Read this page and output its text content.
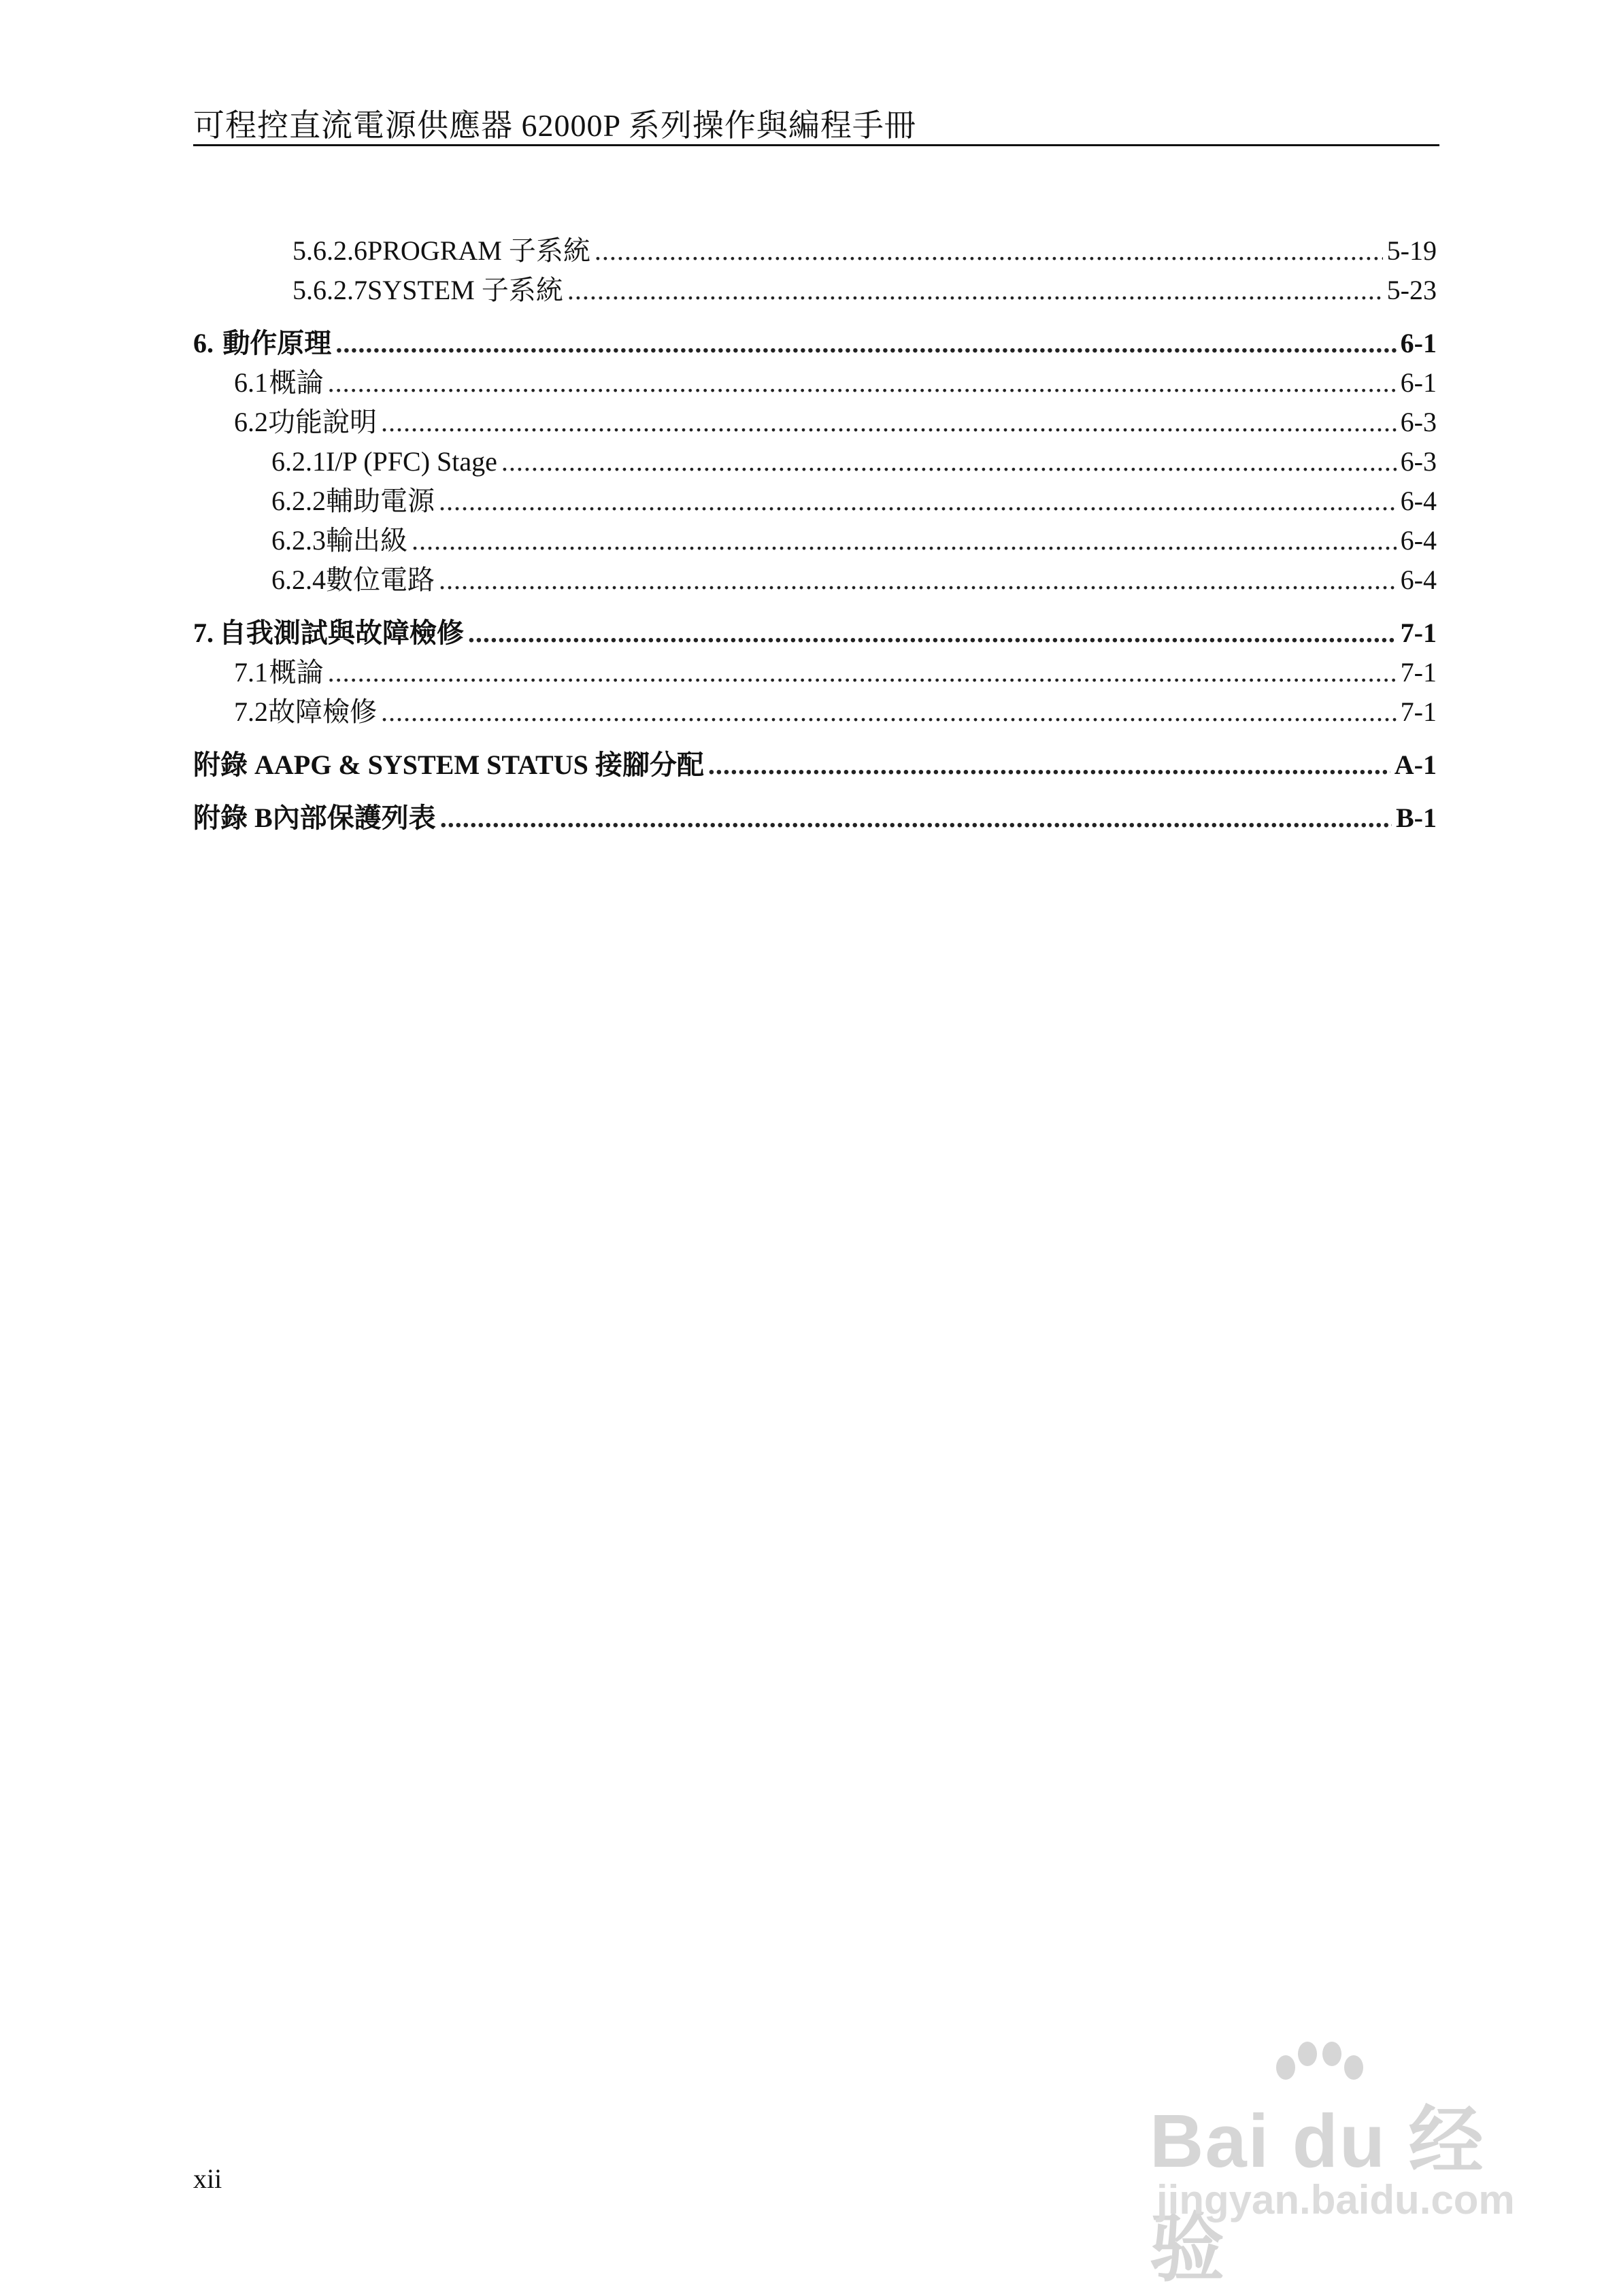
可程控直流電源供應器 62000P 系列操作與編程手冊
5.6.2.6 PROGRAM 子系統 .....	5-19
5.6.2.7 SYSTEM 子系統 .....	5-23
6. 動作原理 .....	6-1
6.1 概論 .....	6-1
6.2 功能說明 .....	6-3
6.2.1 I/P (PFC) Stage .....	6-3
6.2.2 輔助電源 .....	6-4
6.2.3 輸出級 .....	6-4
6.2.4 數位電路 .....	6-4
7. 自我測試與故障檢修 .....	7-1
7.1 概論 .....	7-1
7.2 故障檢修 .....	7-1
附錄 A APG & SYSTEM STATUS 接腳分配 .....	A-1
附錄 B 內部保護列表 .....	B-1
xii	Bai du 经验
jingyan.baidu.com
